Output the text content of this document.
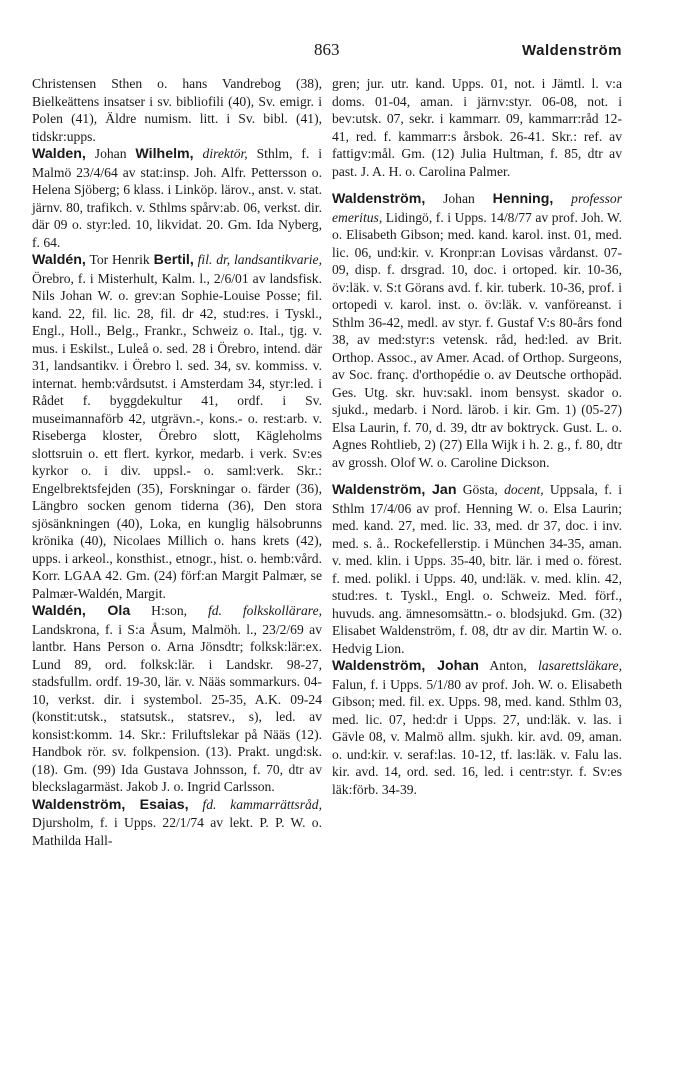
863	Waldenström

Christensen Sthen o. hans Vandrebog (38), Bielkeättens insatser i sv. bibliofili (40), Sv. emigr. i Polen (41), Äldre numism. litt. i Sv. bibl. (41), tidskr:upps.

Walden, Johan Wilhelm, direktör, Sthlm, f. i Malmö 23/4/64 av stat:insp. Joh. Alfr. Pettersson o. Helena Sjöberg; 6 klass. i Linköp. lärov., anst. v. stat. järnv. 80, trafikch. v. Sthlms spårv:ab. 06, verkst. dir. där 09 o. styr:led. 10, likvidat. 20. Gm. Ida Nyberg, f. 64.

Waldén, Tor Henrik Bertil, fil. dr, landsantikvarie, Örebro, f. i Misterhult, Kalm. l., 2/6/01 av landsfisk. Nils Johan W. o. grev:an Sophie-Louise Posse; fil. kand. 22, fil. lic. 28, fil. dr 42, stud:res. i Tyskl., Engl., Holl., Belg., Frankr., Schweiz o. Ital., tjg. v. mus. i Eskilst., Luleå o. sed. 28 i Örebro, intend. där 31, landsantikv. i Örebro l. sed. 34, sv. kommiss. v. internat. hemb:vårdsutst. i Amsterdam 34, styr:led. i Rådet f. byggdekultur 41, ordf. i Sv. museimannaförb 42, utgrävn.-, kons.- o. rest:arb. v. Riseberga kloster, Örebro slott, Kägleholms slottsruin o. ett flert. kyrkor, medarb. i verk. Sv:es kyrkor o. i div. uppsl.- o. saml:verk. Skr.: Engelbrektsfejden (35), Forskningar o. färder (36), Längbro socken genom tiderna (36), Den stora sjösänkningen (40), Loka, en kunglig hälsobrunns krönika (40), Nicolaes Millich o. hans krets (42), upps. i arkeol., konsthist., etnogr., hist. o. hemb:vård. Korr. LGAA 42. Gm. (24) förf:an Margit Palmær, se Palmær-Waldén, Margit.

Waldén, Ola H:son, fd. folkskollärare, Landskrona, f. i S:a Åsum, Malmöh. l., 23/2/69 av lantbr. Hans Person o. Arna Jönsdtr; folksk:lär:ex. Lund 89, ord. folksk:lär. i Landskr. 98-27, stadsfullm. ordf. 19-30, lär. v. Nääs sommarkurs. 04-10, verkst. dir. i systembol. 25-35, A.K. 09-24 (konstit:utsk., statsutsk., statsrev., s), led. av konsist:komm. 14. Skr.: Friluftslekar på Nääs (12). Handbok rör. sv. folkpension. (13). Prakt. ungd:sk. (18). Gm. (99) Ida Gustava Johnsson, f. 70, dtr av bleckslagarmäst. Jakob J. o. Ingrid Carlsson.

Waldenström, Esaias, fd. kammarrättsråd, Djursholm, f. i Upps. 22/1/74 av lekt. P. P. W. o. Mathilda Hall-

gren; jur. utr. kand. Upps. 01, not. i Jämtl. l. v:a doms. 01-04, aman. i järnv:styr. 06-08, not. i bev:utsk. 07, sekr. i kammarr. 09, kammarr:råd 12-41, red. f. kammarr:s årsbok. 26-41. Skr.: ref. av fattigv:mål. Gm. (12) Julia Hultman, f. 85, dtr av past. J. A. H. o. Carolina Palmer.

Waldenström, Johan Henning, professor emeritus, Lidingö, f. i Upps. 14/8/77 av prof. Joh. W. o. Elisabeth Gibson; med. kand. karol. inst. 01, med. lic. 06, und:kir. v. Kronpr:an Lovisas vårdanst. 07-09, disp. f. drsgrad. 10, doc. i ortoped. kir. 10-36, öv:läk. v. S:t Görans avd. f. kir. tuberk. 10-36, prof. i ortopedi v. karol. inst. o. öv:läk. v. vanföreanst. i Sthlm 36-42, medl. av styr. f. Gustaf V:s 80-års fond 38, av med:styr:s vetensk. råd, hed:led. av Brit. Orthop. Assoc., av Amer. Acad. of Orthop. Surgeons, av Soc. franç. d'orthopédie o. av Deutsche orthopäd. Ges. Utg. skr. huv:sakl. inom bensyst. skador o. sjukd., medarb. i Nord. lärob. i kir. Gm. 1) (05-27) Elsa Laurin, f. 70, d. 39, dtr av boktryck. Gust. L. o. Agnes Rohtlieb, 2) (27) Ella Wijk i h. 2. g., f. 80, dtr av grossh. Olof W. o. Caroline Dickson.

Waldenström, Jan Gösta, docent, Uppsala, f. i Sthlm 17/4/06 av prof. Henning W. o. Elsa Laurin; med. kand. 27, med. lic. 33, med. dr 37, doc. i inv. med. s. å.. Rockefellerstip. i München 34-35, aman. v. med. klin. i Upps. 35-40, bitr. lär. i med o. förest. f. med. polikl. i Upps. 40, und:läk. v. med. klin. 42, stud:res. t. Tyskl., Engl. o. Schweiz. Med. förf., huvuds. ang. ämnesomsättn.- o. blodsjukd. Gm. (32) Elisabet Waldenström, f. 08, dtr av dir. Martin W. o. Hedvig Lion.

Waldenström, Johan Anton, lasarettsläkare, Falun, f. i Upps. 5/1/80 av prof. Joh. W. o. Elisabeth Gibson; med. fil. ex. Upps. 98, med. kand. Sthlm 03, med. lic. 07, hed:dr i Upps. 27, und:läk. v. las. i Gävle 08, v. Malmö allm. sjukh. kir. avd. 09, aman. o. und:kir. v. seraf:las. 10-12, tf. las:läk. v. Falu las. kir. avd. 14, ord. sed. 16, led. i centr:styr. f. Sv:es läk:förb. 34-39.
